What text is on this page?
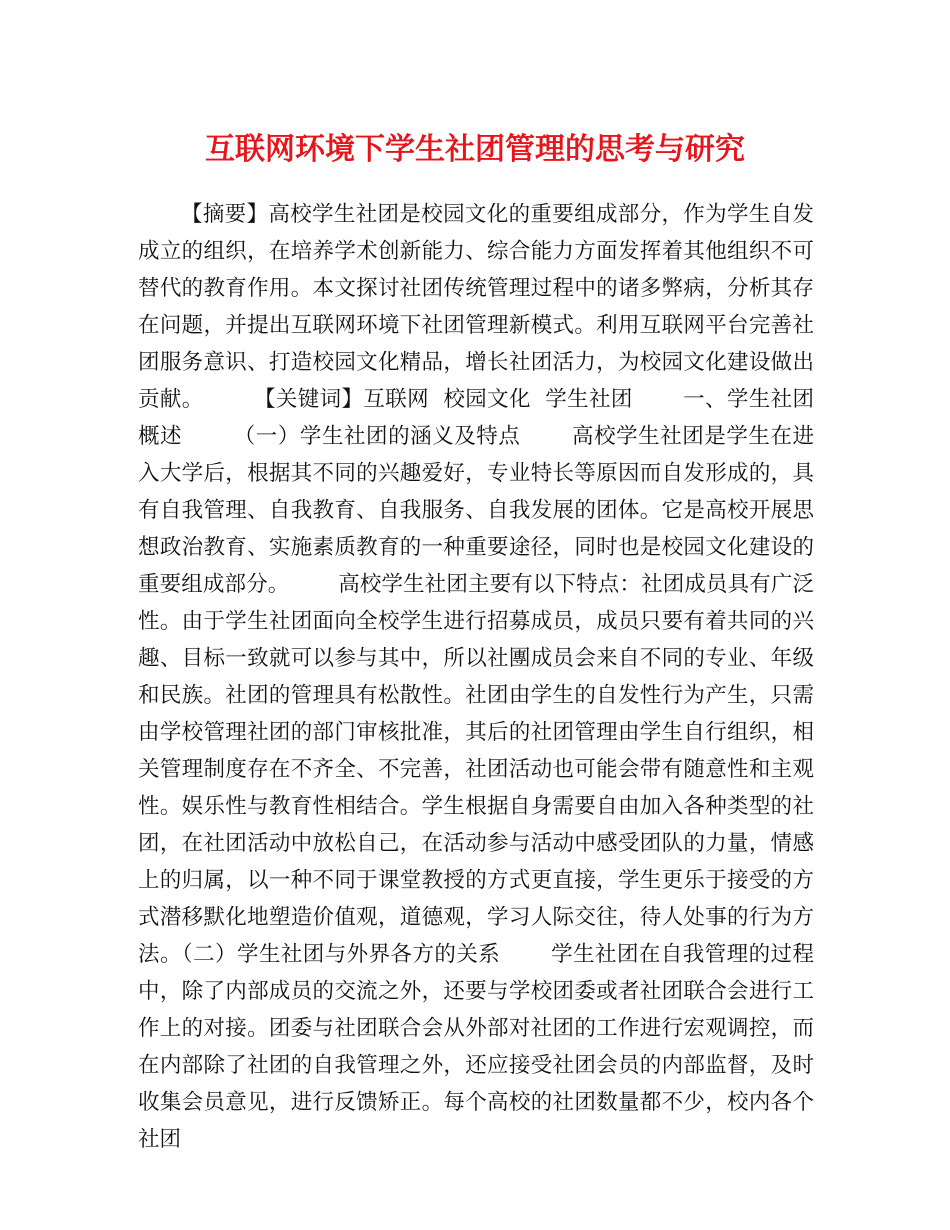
互联网环境下学生社团管理的思考与研究

【摘要】高校学生社团是校园文化的重要组成部分，作为学生自发成立的组织，在培养学术创新能力、综合能力方面发挥着其他组织不可替代的教育作用。本文探讨社团传统管理过程中的诸多弊病，分析其存在问题，并提出互联网环境下社团管理新模式。利用互联网平台完善社团服务意识、打造校园文化精品，增长社团活力，为校园文化建设做出贡献。       【关键词】互联网  校园文化  学生社团       一、学生社团概述       （一）学生社团的涵义及特点       高校学生社团是学生在进入大学后，根据其不同的兴趣爱好，专业特长等原因而自发形成的，具有自我管理、自我教育、自我服务、自我发展的团体。它是高校开展思想政治教育、实施素质教育的一种重要途径，同时也是校园文化建设的重要组成部分。       高校学生社团主要有以下特点：社团成员具有广泛性。由于学生社团面向全校学生进行招募成员，成员只要有着共同的兴趣、目标一致就可以参与其中，所以社團成员会来自不同的专业、年级和民族。社团的管理具有松散性。社团由学生的自发性行为产生，只需由学校管理社团的部门审核批准，其后的社团管理由学生自行组织，相关管理制度存在不齐全、不完善，社团活动也可能会带有随意性和主观性。娱乐性与教育性相结合。学生根据自身需要自由加入各种类型的社团，在社团活动中放松自己，在活动参与活动中感受团队的力量，情感上的归属，以一种不同于课堂教授的方式更直接，学生更乐于接受的方式潜移默化地塑造价值观，道德观，学习人际交往，待人处事的行为方法。（二）学生社团与外界各方的关系       学生社团在自我管理的过程中，除了内部成员的交流之外，还要与学校团委或者社团联合会进行工作上的对接。团委与社团联合会从外部对社团的工作进行宏观调控，而在内部除了社团的自我管理之外，还应接受社团会员的内部监督，及时收集会员意见，进行反馈矫正。每个高校的社团数量都不少，校内各个社团
